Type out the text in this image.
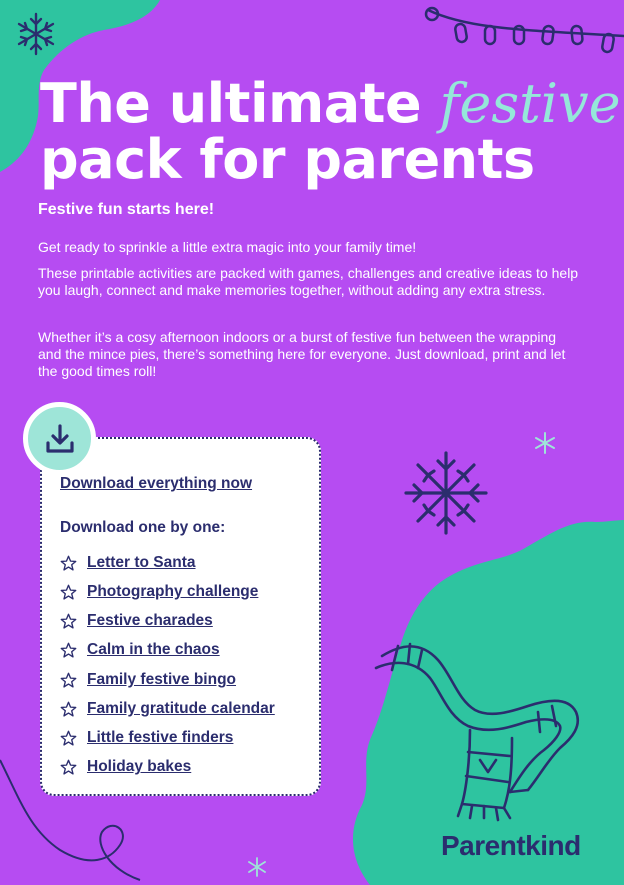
The ultimate festive
pack for parents

Festive fun starts here!

Get ready to sprinkle a little extra magic into your family time!

These printable activities are packed with games, challenges and creative ideas to help you laugh, connect and make memories together, without adding any extra stress.

Whether it’s a cosy afternoon indoors or a burst of festive fun between the wrapping and the mince pies, there’s something here for everyone. Just download, print and let the good times roll!

Download everything now

Download one by one:

Letter to Santa
Photography challenge
Festive charades
Calm in the chaos
Family festive bingo
Family gratitude calendar
Little festive finders
Holiday bakes
Parentkind
